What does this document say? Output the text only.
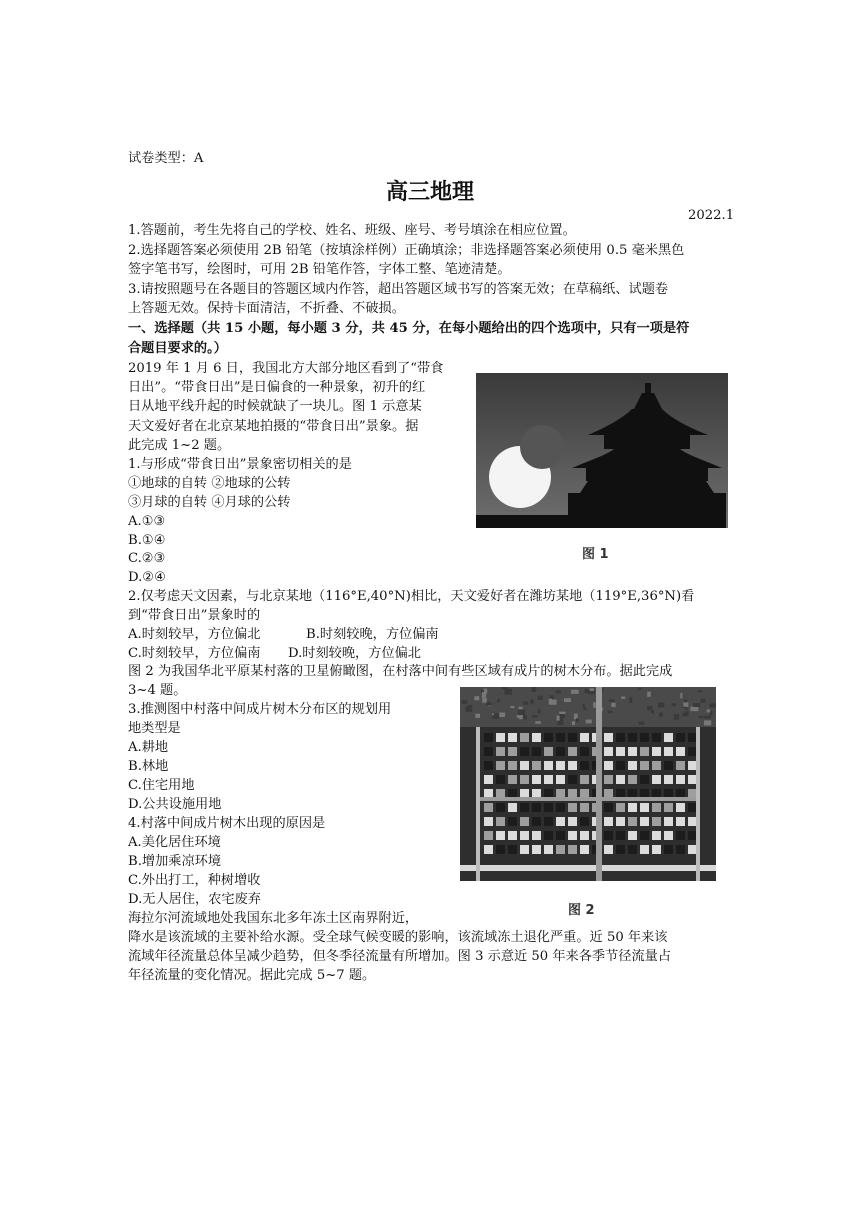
试卷类型：A
高三地理
2022.1
1.答题前，考生先将自己的学校、姓名、班级、座号、考号填涂在相应位置。
2.选择题答案必须使用 2B 铅笔（按填涂样例）正确填涂；非选择题答案必须使用 0.5 毫米黑色
签字笔书写，绘图时，可用 2B 铅笔作答，字体工整、笔迹清楚。
3.请按照题号在各题目的答题区域内作答，超出答题区域书写的答案无效；在草稿纸、试题卷
上答题无效。保持卡面清洁，不折叠、不破损。
一、选择题（共 15 小题，每小题 3 分，共 45 分，在每小题给出的四个选项中，只有一项是符
合题目要求的。）
2019 年 1 月 6 日，我国北方大部分地区看到了“带食
日出”。“带食日出”是日偏食的一种景象，初升的红
日从地平线升起的时候就缺了一块儿。图 1 示意某
天文爱好者在北京某地拍摄的“带食日出”景象。据
此完成 1~2 题。
1.与形成“带食日出”景象密切相关的是
①地球的自转 ②地球的公转
③月球的自转 ④月球的公转
A.①③
B.①④
C.②③
D.②④
图 1
2.仅考虑天文因素，与北京某地（116°E,40°N)相比，天文爱好者在潍坊某地（119°E,36°N)看
到“带食日出”景象时的
A.时刻较早，方位偏北	B.时刻较晚，方位偏南
C.时刻较早，方位偏南 D.时刻较晚，方位偏北
图 2 为我国华北平原某村落的卫星俯瞰图，在村落中间有些区域有成片的树木分布。据此完成
3~4 题。
3.推测图中村落中间成片树木分布区的规划用
地类型是
A.耕地
B.林地
C.住宅用地
D.公共设施用地
4.村落中间成片树木出现的原因是
A.美化居住环境
B.增加乘凉环境
C.外出打工，种树增收
D.无人居住，农宅废弃
图 2
海拉尔河流域地处我国东北多年冻土区南界附近，
降水是该流域的主要补给水源。受全球气候变暖的影响，该流域冻土退化严重。近 50 年来该
流域年径流量总体呈减少趋势，但冬季径流量有所增加。图 3 示意近 50 年来各季节径流量占
年径流量的变化情况。据此完成 5~7 题。
